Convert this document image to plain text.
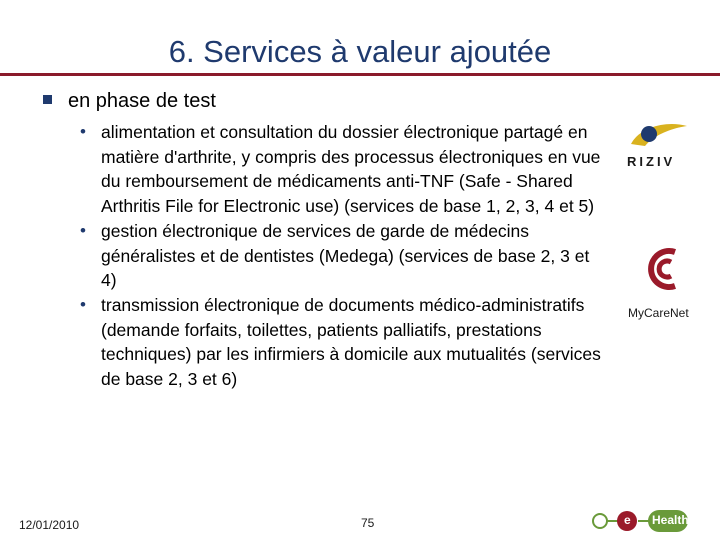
6. Services à valeur ajoutée
en phase de test
• alimentation et consultation du dossier électronique partagé en matière d'arthrite, y compris des processus électroniques en vue du remboursement de médicaments anti-TNF (Safe - Shared Arthritis File for Electronic use) (services de base 1, 2, 3, 4 et 5)
• gestion électronique de services de garde de médecins généralistes et de dentistes (Medega) (services de base 2, 3 et 4)
• transmission électronique de documents médico-administratifs (demande forfaits, toilettes, patients palliatifs, prestations techniques) par les infirmiers à domicile aux mutualités (services de base 2, 3 et 6)
RIZIV
MyCareNet
12/01/2010	75	e Health
